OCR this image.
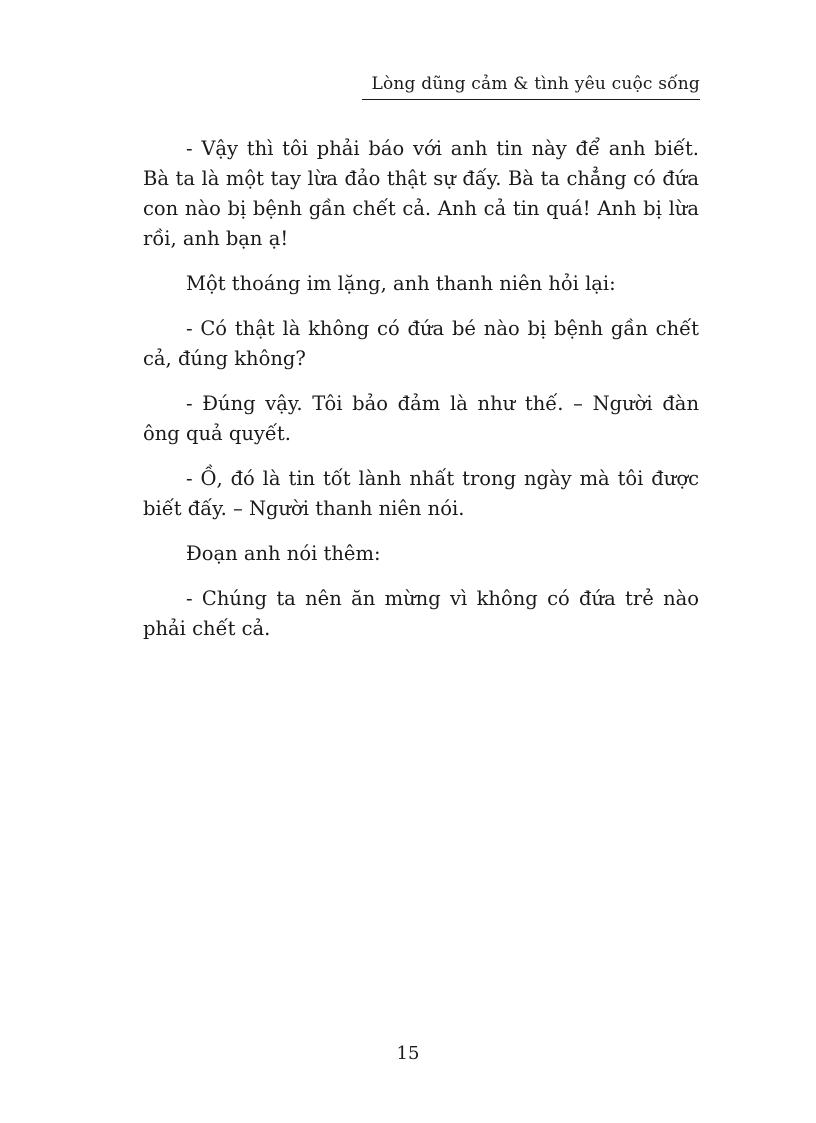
Lòng dũng cảm & tình yêu cuộc sống

- Vậy thì tôi phải báo với anh tin này để anh biết. Bà ta là một tay lừa đảo thật sự đấy. Bà ta chẳng có đứa con nào bị bệnh gần chết cả. Anh cả tin quá! Anh bị lừa rồi, anh bạn ạ!

Một thoáng im lặng, anh thanh niên hỏi lại:

- Có thật là không có đứa bé nào bị bệnh gần chết cả, đúng không?

- Đúng vậy. Tôi bảo đảm là như thế. – Người đàn ông quả quyết.

- Ồ, đó là tin tốt lành nhất trong ngày mà tôi được biết đấy. – Người thanh niên nói.

Đoạn anh nói thêm:

- Chúng ta nên ăn mừng vì không có đứa trẻ nào phải chết cả.

15
